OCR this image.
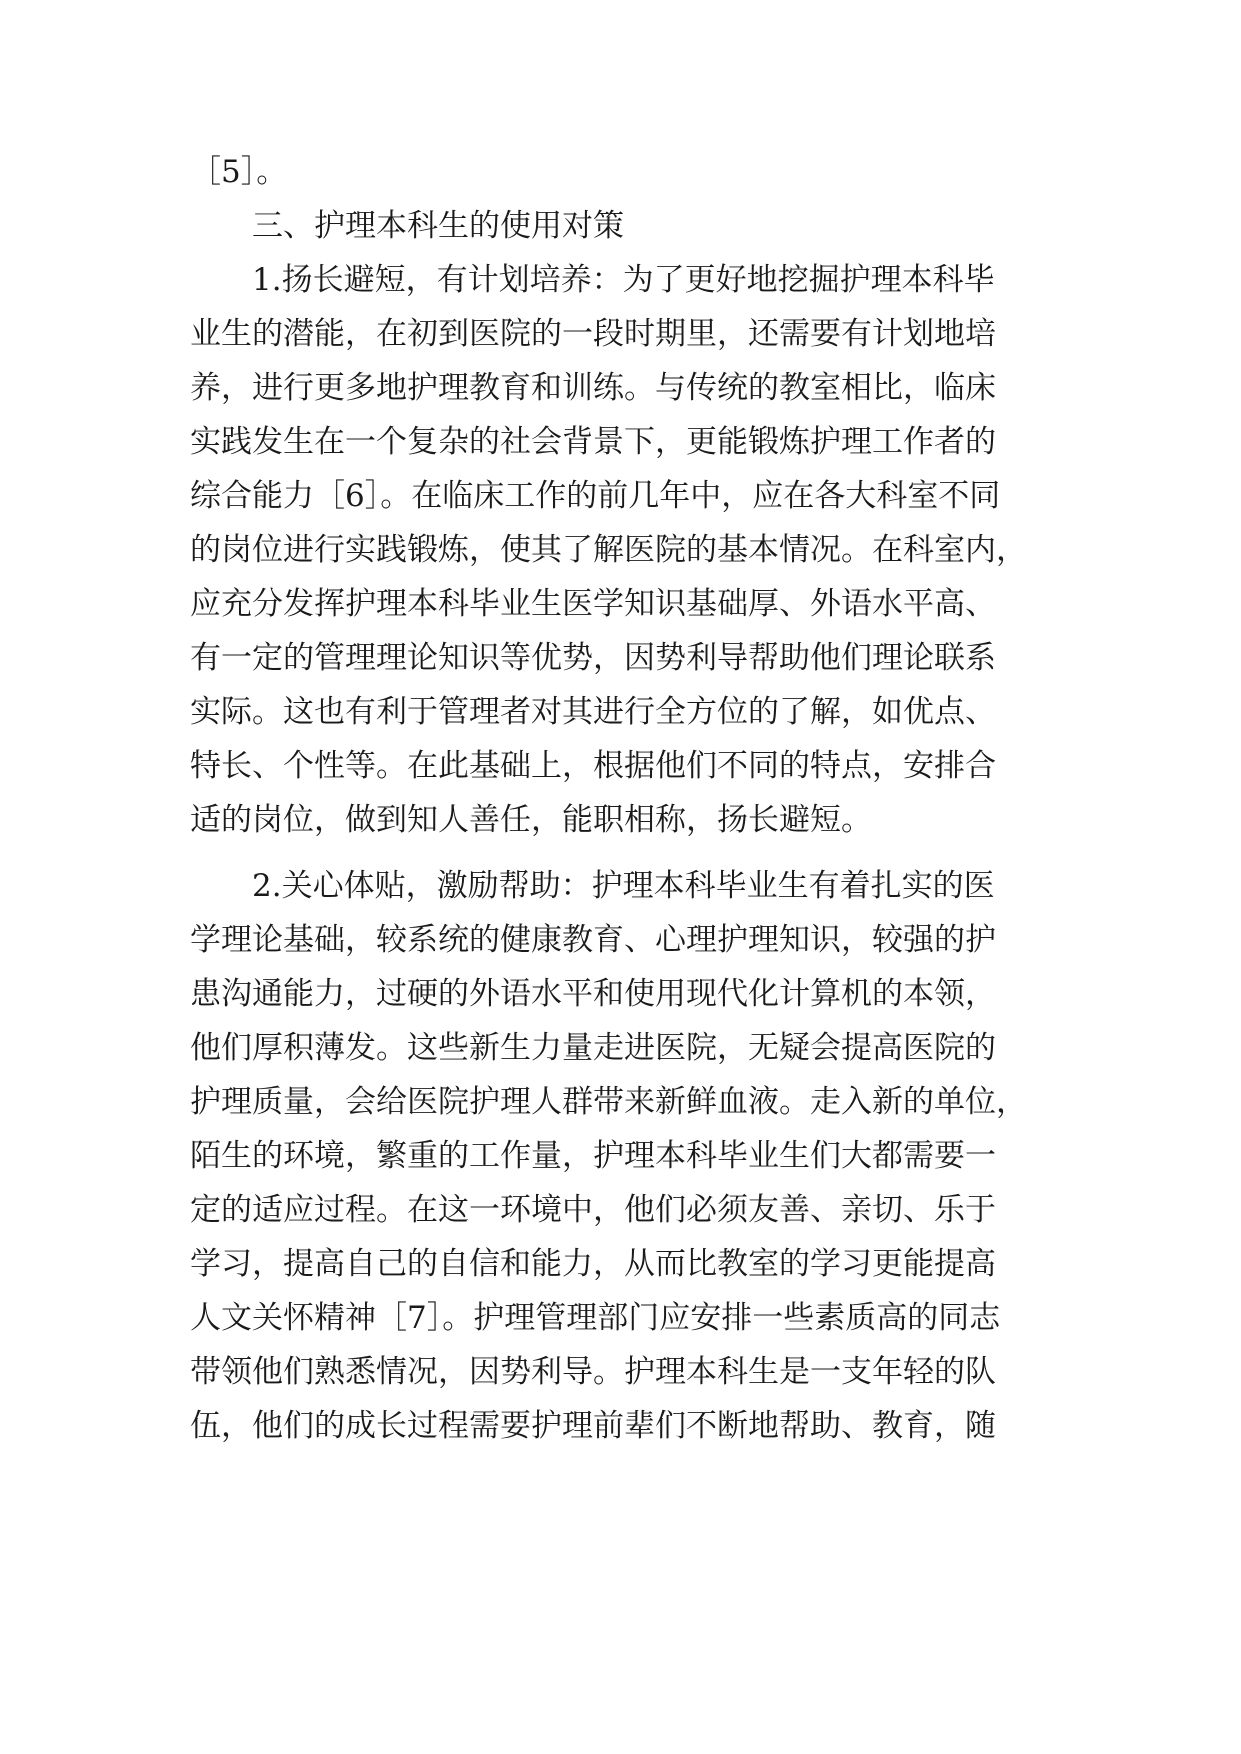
［5］。
三、护理本科生的使用对策
1.扬长避短，有计划培养：为了更好地挖掘护理本科毕
业生的潜能，在初到医院的一段时期里，还需要有计划地培
养，进行更多地护理教育和训练。与传统的教室相比，临床
实践发生在一个复杂的社会背景下，更能锻炼护理工作者的
综合能力［6］。在临床工作的前几年中，应在各大科室不同
的岗位进行实践锻炼，使其了解医院的基本情况。在科室内，
应充分发挥护理本科毕业生医学知识基础厚、外语水平高、
有一定的管理理论知识等优势，因势利导帮助他们理论联系
实际。这也有利于管理者对其进行全方位的了解，如优点、
特长、个性等。在此基础上，根据他们不同的特点，安排合
适的岗位，做到知人善任，能职相称，扬长避短。
2.关心体贴，激励帮助：护理本科毕业生有着扎实的医
学理论基础，较系统的健康教育、心理护理知识，较强的护
患沟通能力，过硬的外语水平和使用现代化计算机的本领，
他们厚积薄发。这些新生力量走进医院，无疑会提高医院的
护理质量，会给医院护理人群带来新鲜血液。走入新的单位，
陌生的环境，繁重的工作量，护理本科毕业生们大都需要一
定的适应过程。在这一环境中，他们必须友善、亲切、乐于
学习，提高自己的自信和能力，从而比教室的学习更能提高
人文关怀精神［7］。护理管理部门应安排一些素质高的同志
带领他们熟悉情况，因势利导。护理本科生是一支年轻的队
伍，他们的成长过程需要护理前辈们不断地帮助、教育，随
